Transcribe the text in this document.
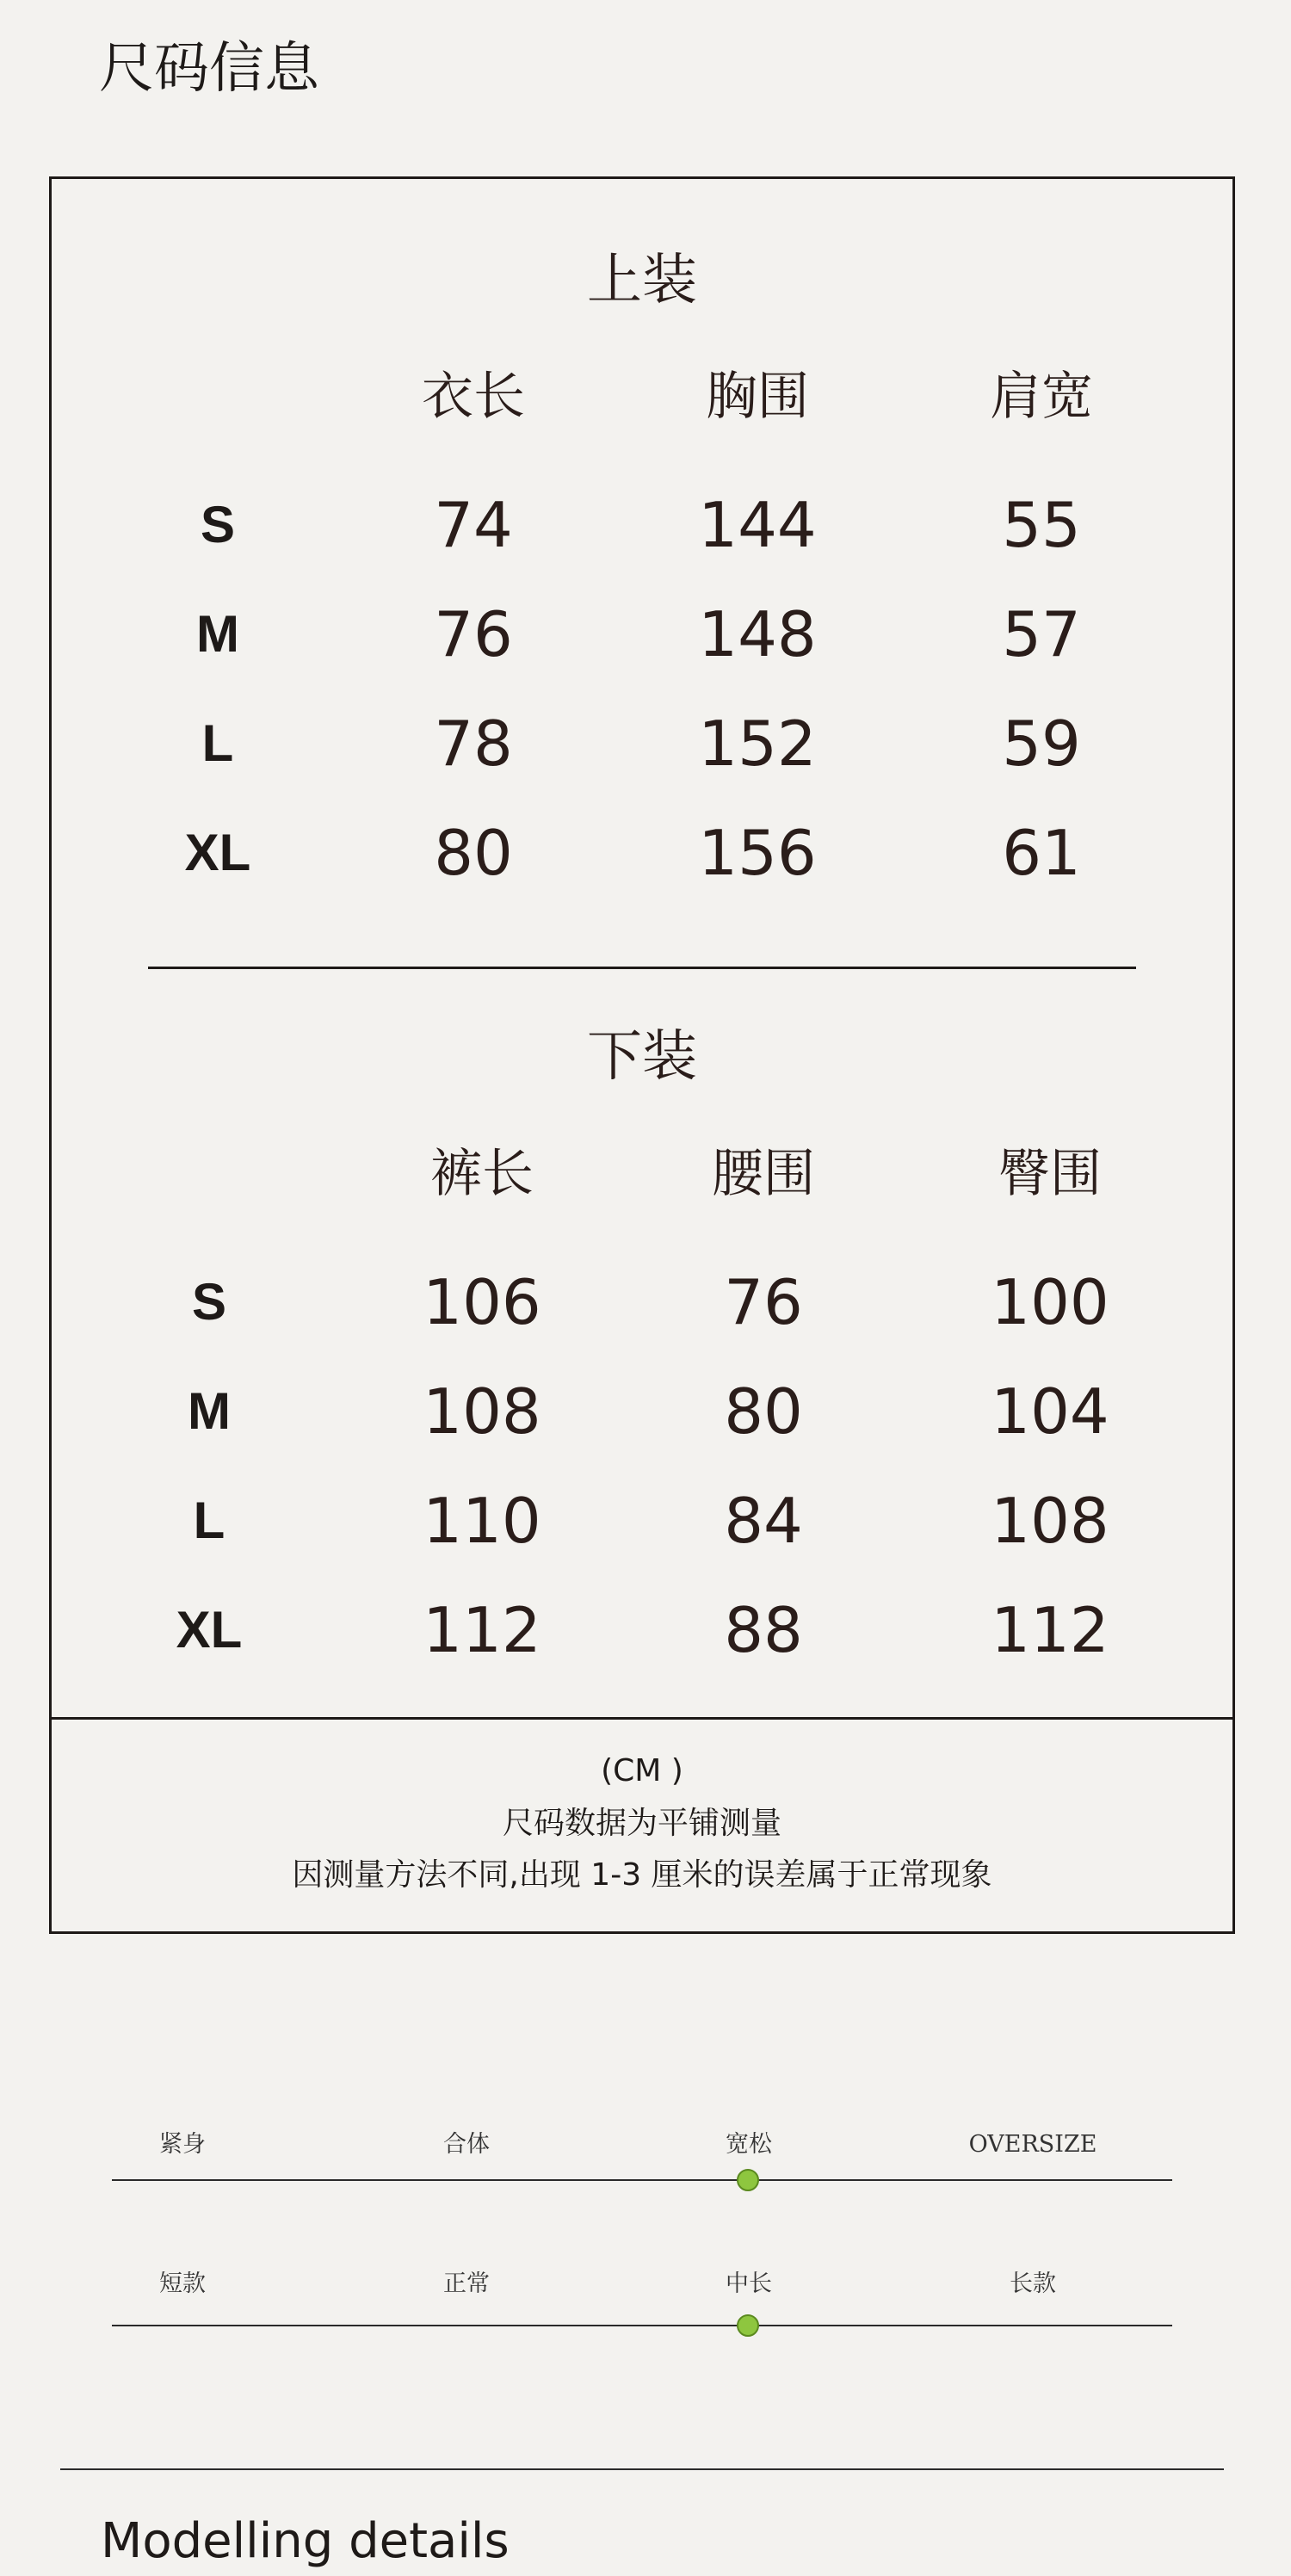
尺码信息
上装
衣长	胸围	肩宽
S	74	144	55
M	76	148	57
L	78	152	59
XL	80	156	61
下装
裤长	腰围	臀围
S	106	76	100
M	108	80	104
L	110	84	108
XL	112	88	112
(CM )
尺码数据为平铺测量
因测量方法不同,出现 1-3 厘米的误差属于正常现象
紧身	合体	宽松	OVERSIZE
短款	正常	中长	长款
Modelling details
